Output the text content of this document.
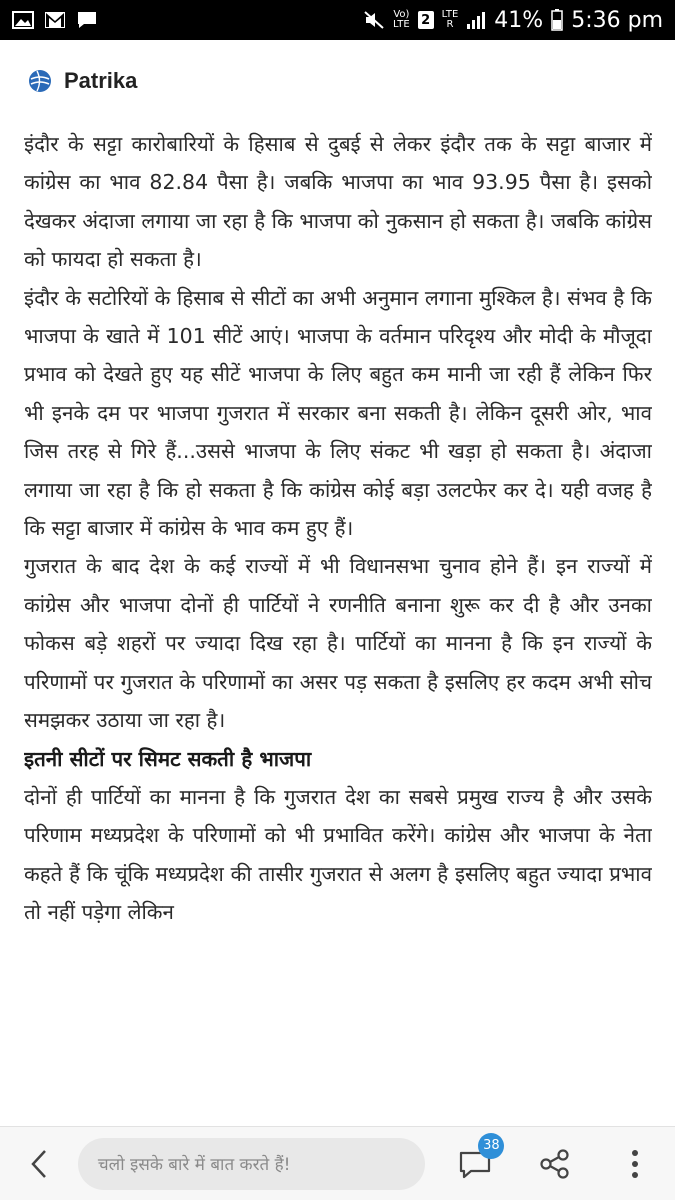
Vo)
LTE 2	LTE
R 41% 5:36 pm
Patrika

इंदौर के सट्टा कारोबारियों के हिसाब से दुबई से लेकर इंदौर तक के सट्टा बाजार में कांग्रेस का भाव 82.84 पैसा है। जबकि भाजपा का भाव 93.95 पैसा है। इसको देखकर अंदाजा लगाया जा रहा है कि भाजपा को नुकसान हो सकता है। जबकि कांग्रेस को फायदा हो सकता है।

इंदौर के सटोरियों के हिसाब से सीटों का अभी अनुमान लगाना मुश्किल है। संभव है कि भाजपा के खाते में 101 सीटें आएं। भाजपा के वर्तमान परिदृश्य और मोदी के मौजूदा प्रभाव को देखते हुए यह सीटें भाजपा के लिए बहुत कम मानी जा रही हैं लेकिन फिर भी इनके दम पर भाजपा गुजरात में सरकार बना सकती है। लेकिन दूसरी ओर, भाव जिस तरह से गिरे हैं...उससे भाजपा के लिए संकट भी खड़ा हो सकता है। अंदाजा लगाया जा रहा है कि हो सकता है कि कांग्रेस कोई बड़ा उलटफेर कर दे। यही वजह है कि सट्टा बाजार में कांग्रेस के भाव कम हुए हैं।

गुजरात के बाद देश के कई राज्यों में भी विधानसभा चुनाव होने हैं। इन राज्यों में कांग्रेस और भाजपा दोनों ही पार्टियों ने रणनीति बनाना शुरू कर दी है और उनका फोकस बड़े शहरों पर ज्यादा दिख रहा है। पार्टियों का मानना है कि इन राज्यों के परिणामों पर गुजरात के परिणामों का असर पड़ सकता है इसलिए हर कदम अभी सोच समझकर उठाया जा रहा है।

इतनी सीटों पर सिमट सकती है भाजपा

दोनों ही पार्टियों का मानना है कि गुजरात देश का सबसे प्रमुख राज्य है और उसके परिणाम मध्यप्रदेश के परिणामों को भी प्रभावित करेंगे। कांग्रेस और भाजपा के नेता कहते हैं कि चूंकि मध्यप्रदेश की तासीर गुजरात से अलग है इसलिए बहुत ज्यादा प्रभाव तो नहीं पड़ेगा लेकिन

चलो इसके बारे में बात करते हैं!
38
